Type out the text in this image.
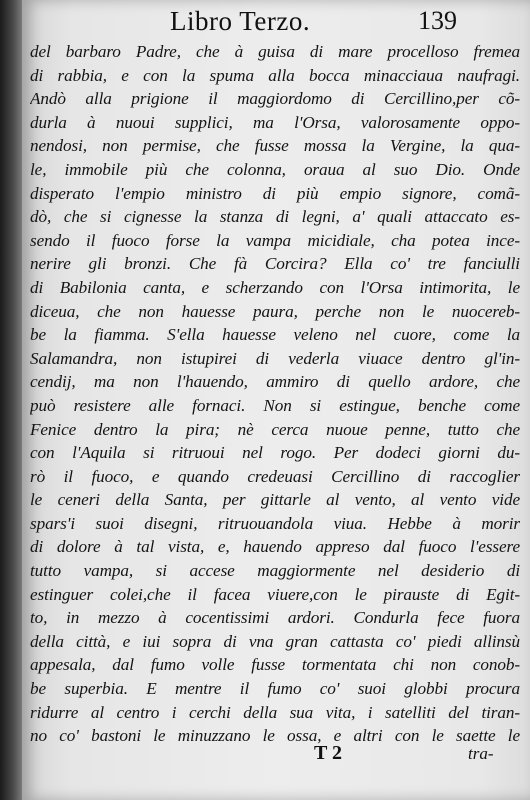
Libro Terzo.	139
del barbaro Padre, che à guisa di mare procelloso fremea
di rabbia, e con la spuma alla bocca minacciaua naufragi.
Andò alla prigione il maggiordomo di Cercillino,per cõ-
durla à nuoui supplici, ma l'Orsa, valorosamente oppo-
nendosi, non permise, che fusse mossa la Vergine, la qua-
le, immobile più che colonna, oraua al suo Dio. Onde
disperato l'empio ministro di più empio signore, comã-
dò, che si cignesse la stanza di legni, a' quali attaccato es-
sendo il fuoco forse la vampa micidiale, cha potea ince-
nerire gli bronzi. Che fà Corcira? Ella co' tre fanciulli
di Babilonia canta, e scherzando con l'Orsa intimorita, le
diceua, che non hauesse paura, perche non le nuocereb-
be la fiamma. S'ella hauesse veleno nel cuore, come la
Salamandra, non istupirei di vederla viuace dentro gl'in-
cendij, ma non l'hauendo, ammiro di quello ardore, che
può resistere alle fornaci. Non si estingue, benche come
Fenice dentro la pira; nè cerca nuoue penne, tutto che
con l'Aquila si ritruoui nel rogo. Per dodeci giorni du-
rò il fuoco, e quando credeuasi Cercillino di raccoglier
le ceneri della Santa, per gittarle al vento, al vento vide
spars'i suoi disegni, ritruouandola viua. Hebbe à morir
di dolore à tal vista, e, hauendo appreso dal fuoco l'essere
tutto vampa, si accese maggiormente nel desiderio di
estinguer colei,che il facea viuere,con le pirauste di Egit-
to, in mezzo à cocentissimi ardori. Condurla fece fuora
della città, e iui sopra di vna gran cattasta co' piedi allinsù
appesala, dal fumo volle fusse tormentata chi non conob-
be superbia. E mentre il fumo co' suoi globbi procura
ridurre al centro i cerchi della sua vita, i satelliti del tiran-
no co' bastoni le minuzzano le ossa, e altri con le saette le
T 2	tra-
